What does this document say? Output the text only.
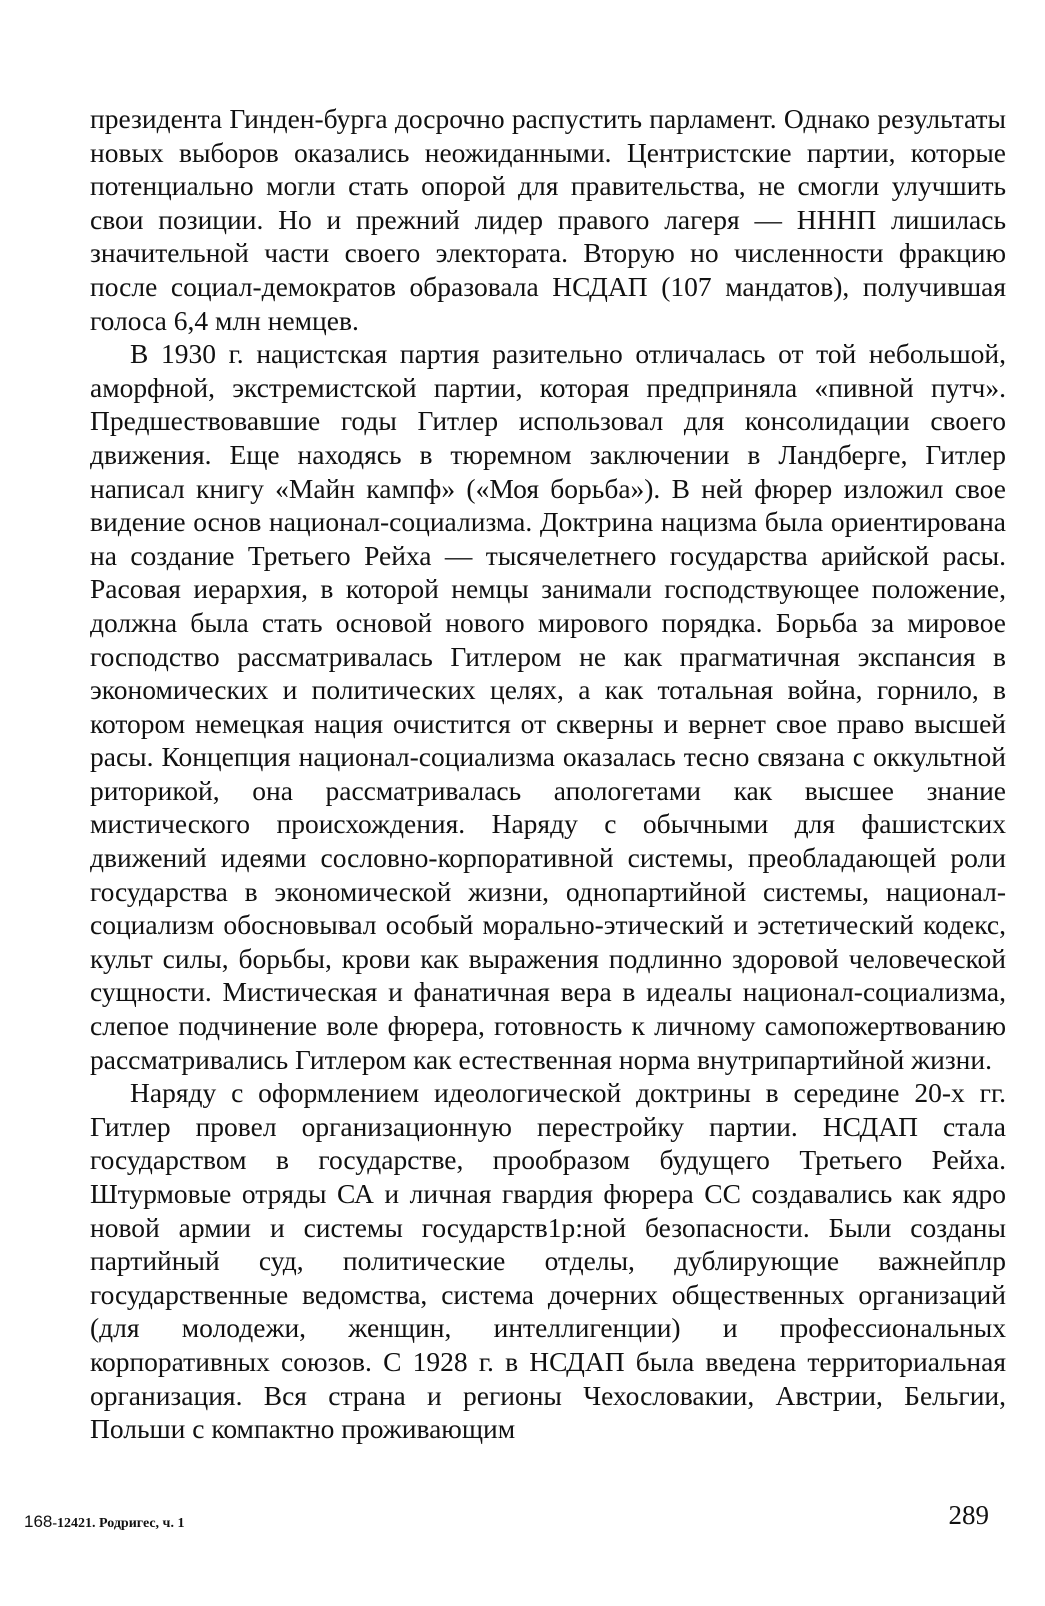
президента Гинден-бурга досрочно распустить парламент. Однако результаты новых выборов оказались неожиданными. Центристские партии, которые потенциально могли стать опорой для правительства, не смогли улучшить свои позиции. Но и прежний лидер правого лагеря — НННП лишилась значительной части своего электората. Вторую но численности фракцию после социал-демократов образовала НСДАП (107 мандатов), получившая голоса 6,4 млн немцев.

В 1930 г. нацистская партия разительно отличалась от той небольшой, аморфной, экстремистской партии, которая предприняла «пивной путч». Предшествовавшие годы Гитлер использовал для консолидации своего движения. Еще находясь в тюремном заключении в Ландберге, Гитлер написал книгу «Майн кампф» («Моя борьба»). В ней фюрер изложил свое видение основ национал-социализма. Доктрина нацизма была ориентирована на создание Третьего Рейха — тысячелетнего государства арийской расы. Расовая иерархия, в которой немцы занимали господствующее положение, должна была стать основой нового мирового порядка. Борьба за мировое господство рассматривалась Гитлером не как прагматичная экспансия в экономических и политических целях, а как тотальная война, горнило, в котором немецкая нация очистится от скверны и вернет свое право высшей расы. Концепция национал-социализма оказалась тесно связана с оккультной риторикой, она рассматривалась апологетами как высшее знание мистического происхождения. Наряду с обычными для фашистских движений идеями сословно-корпоративной системы, преобладающей роли государства в экономической жизни, однопартийной системы, национал-социализм обосновывал особый морально-этический и эстетический кодекс, культ силы, борьбы, крови как выражения подлинно здоровой человеческой сущности. Мистическая и фанатичная вера в идеалы национал-социализма, слепое подчинение воле фюрера, готовность к личному самопожертвованию рассматривались Гитлером как естественная норма внутрипартийной жизни.

Наряду с оформлением идеологической доктрины в середине 20-х гг. Гитлер провел организационную перестройку партии. НСДАП стала государством в государстве, прообразом будущего Третьего Рейха. Штурмовые отряды СА и личная гвардия фюрера СС создавались как ядро новой армии и системы государств1р:ной безопасности. Были созданы партийный суд, политические отделы, дублирующие важнейплр государственные ведомства, система дочерних общественных организаций (для молодежи, женщин, интеллигенции) и профессиональных корпоративных союзов. С 1928 г. в НСДАП была введена территориальная организация. Вся страна и регионы Чехословакии, Австрии, Бельгии, Польши с компактно проживающим

168-12421. Родригес, ч. 1	289
